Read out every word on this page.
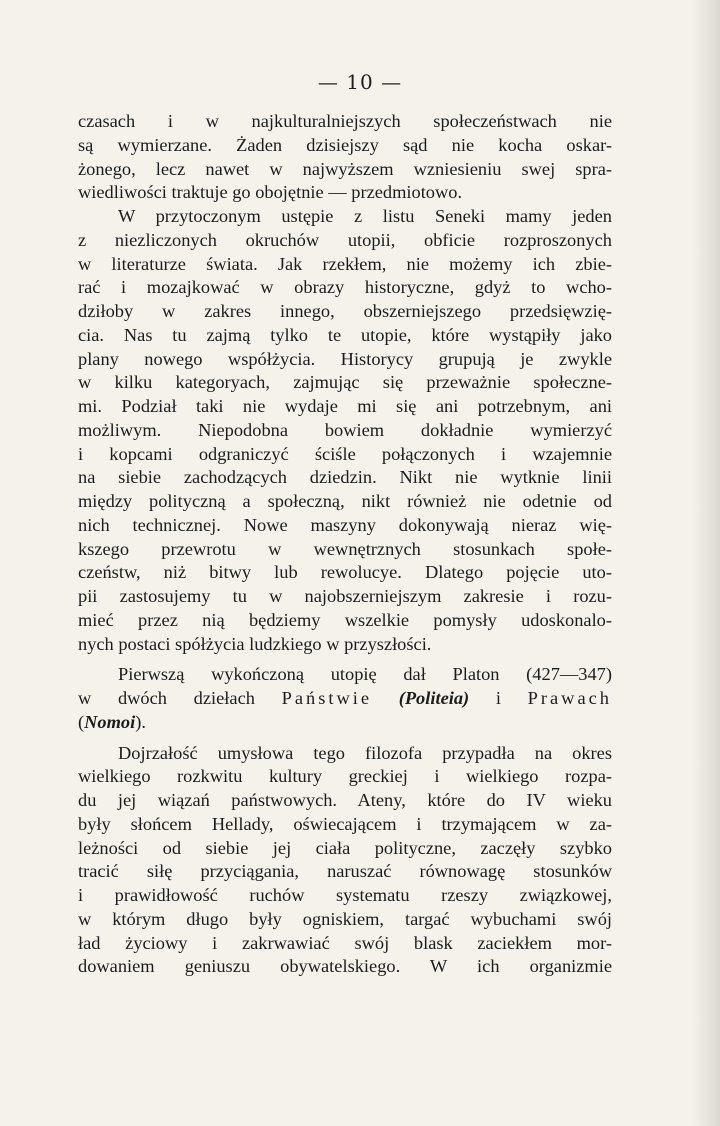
— 10 —
czasach i w najkulturalniejszych społeczeństwach nie
są wymierzane. Żaden dzisiejszy sąd nie kocha oskar-
żonego, lecz nawet w najwyższem wzniesieniu swej spra-
wiedliwości traktuje go obojętnie — przedmiotowo.
W przytoczonym ustępie z listu Seneki mamy jeden
z niezliczonych okruchów utopii, obficie rozproszonych
w literaturze świata. Jak rzekłem, nie możemy ich zbie-
rać i mozajkować w obrazy historyczne, gdyż to wcho-
dziłoby w zakres innego, obszerniejszego przedsięwzię-
cia. Nas tu zajmą tylko te utopie, które wystąpiły jako
plany nowego współżycia. Historycy grupują je zwykle
w kilku kategoryach, zajmując się przeważnie społeczne-
mi. Podział taki nie wydaje mi się ani potrzebnym, ani
możliwym. Niepodobna bowiem dokładnie wymierzyć
i kopcami odgraniczyć ściśle połączonych i wzajemnie
na siebie zachodzących dziedzin. Nikt nie wytknie linii
między polityczną a społeczną, nikt również nie odetnie od
nich technicznej. Nowe maszyny dokonywają nieraz wię-
kszego przewrotu w wewnętrznych stosunkach społe-
czeństw, niż bitwy lub rewolucye. Dlatego pojęcie uto-
pii zastosujemy tu w najobszerniejszym zakresie i rozu-
mieć przez nią będziemy wszelkie pomysły udoskonalo-
nych postaci spółżycia ludzkiego w przyszłości.
Pierwszą wykończoną utopię dał Platon (427—347)
w dwóch dziełach Państwie (Politeia) i Prawach
(Nomoi).
Dojrzałość umysłowa tego filozofa przypadła na okres
wielkiego rozkwitu kultury greckiej i wielkiego rozpa-
du jej wiązań państwowych. Ateny, które do IV wieku
były słońcem Hellady, oświecającem i trzymającem w za-
leżności od siebie jej ciała polityczne, zaczęły szybko
tracić siłę przyciągania, naruszać równowagę stosunków
i prawidłowość ruchów systematu rzeszy związkowej,
w którym długo były ogniskiem, targać wybuchami swój
ład życiowy i zakrwawiać swój blask zaciekłem mor-
dowaniem geniuszu obywatelskiego. W ich organizmie
